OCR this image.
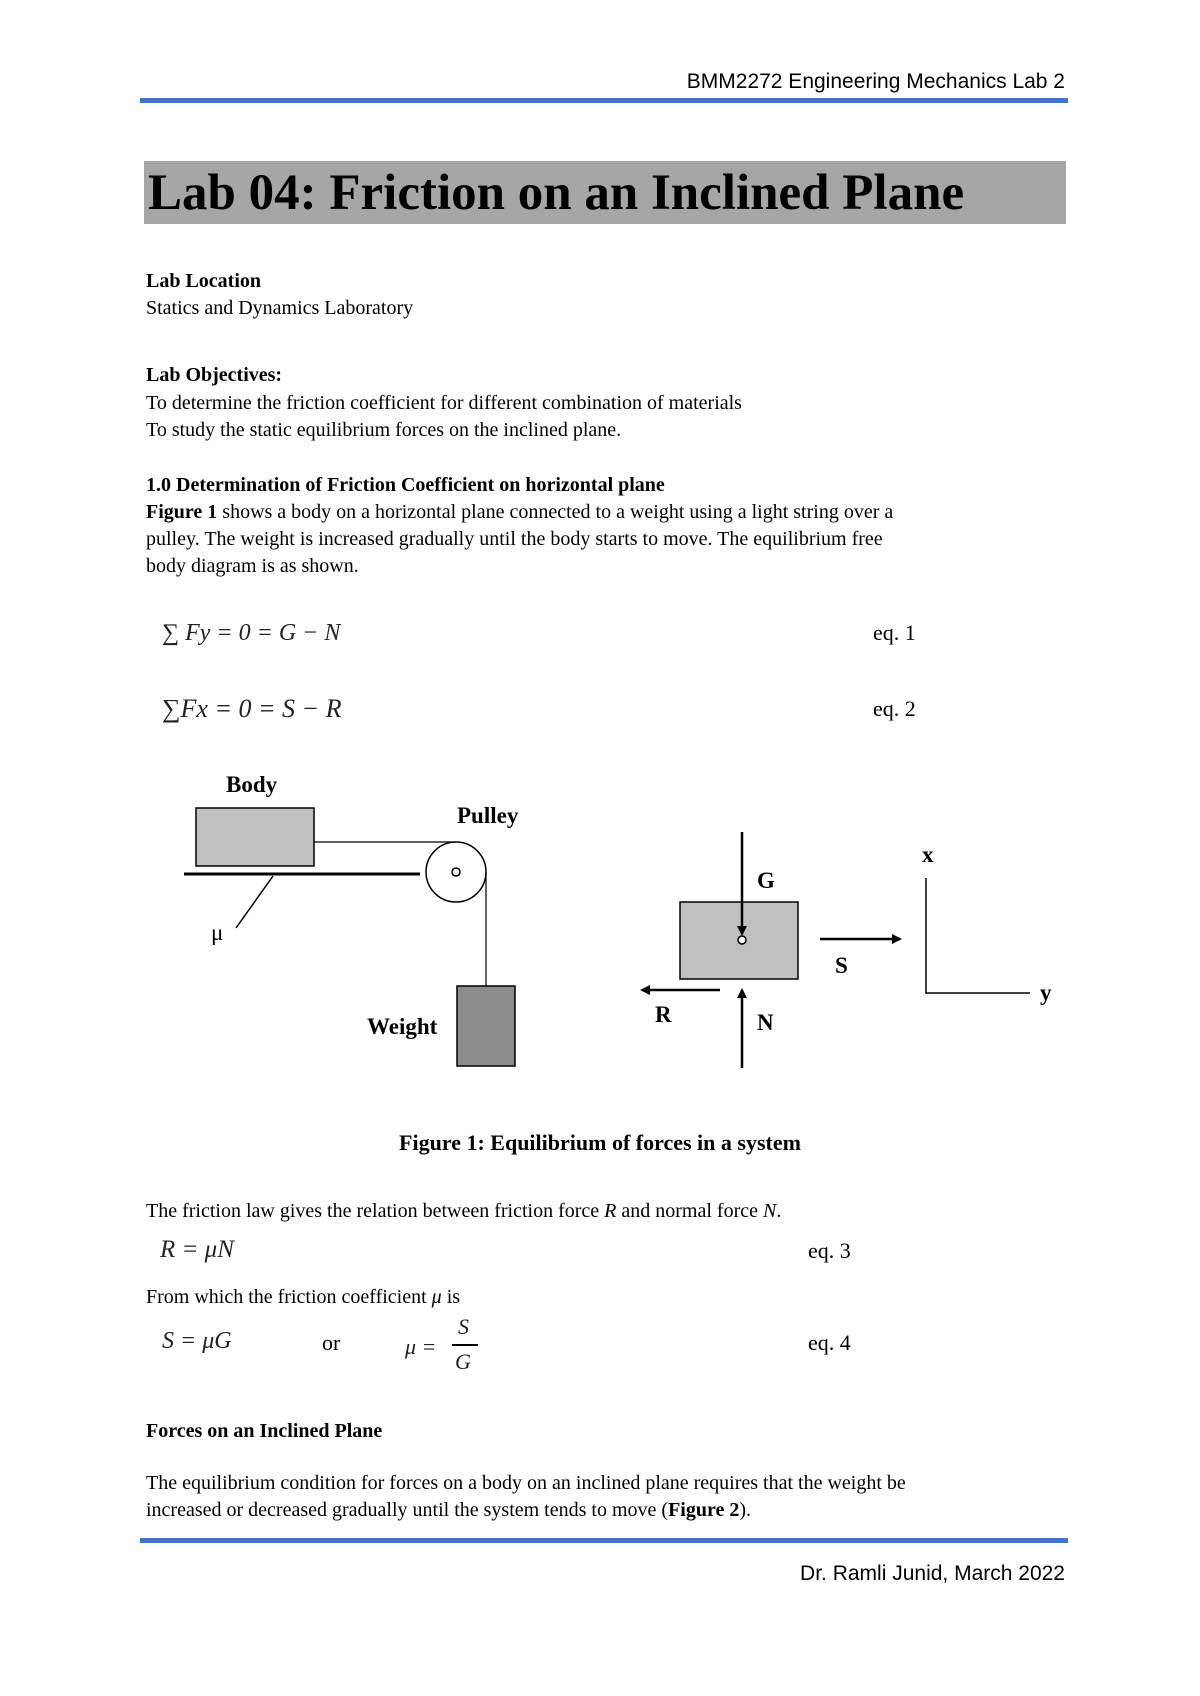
BMM2272 Engineering Mechanics Lab 2
Lab 04: Friction on an Inclined Plane
Lab Location
Statics and Dynamics Laboratory
Lab Objectives:
To determine the friction coefficient for different combination of materials
To study the static equilibrium forces on the inclined plane.
1.0 Determination of Friction Coefficient on horizontal plane
Figure 1 shows a body on a horizontal plane connected to a weight using a light string over a
pulley. The weight is increased gradually until the body starts to move. The equilibrium free
body diagram is as shown.
∑ Fy = 0 = G − N	eq. 1
∑Fx = 0 = S − R	eq. 2
Body
Pulley
μ
Weight
G
S
R	N
x
y
Figure 1: Equilibrium of forces in a system
The friction law gives the relation between friction force R and normal force N.
R = μN	eq. 3
From which the friction coefficient μ is
S = μG	or	μ =
S
G
eq. 4
Forces on an Inclined Plane
The equilibrium condition for forces on a body on an inclined plane requires that the weight be
increased or decreased gradually until the system tends to move (Figure 2).
Dr. Ramli Junid, March 2022
